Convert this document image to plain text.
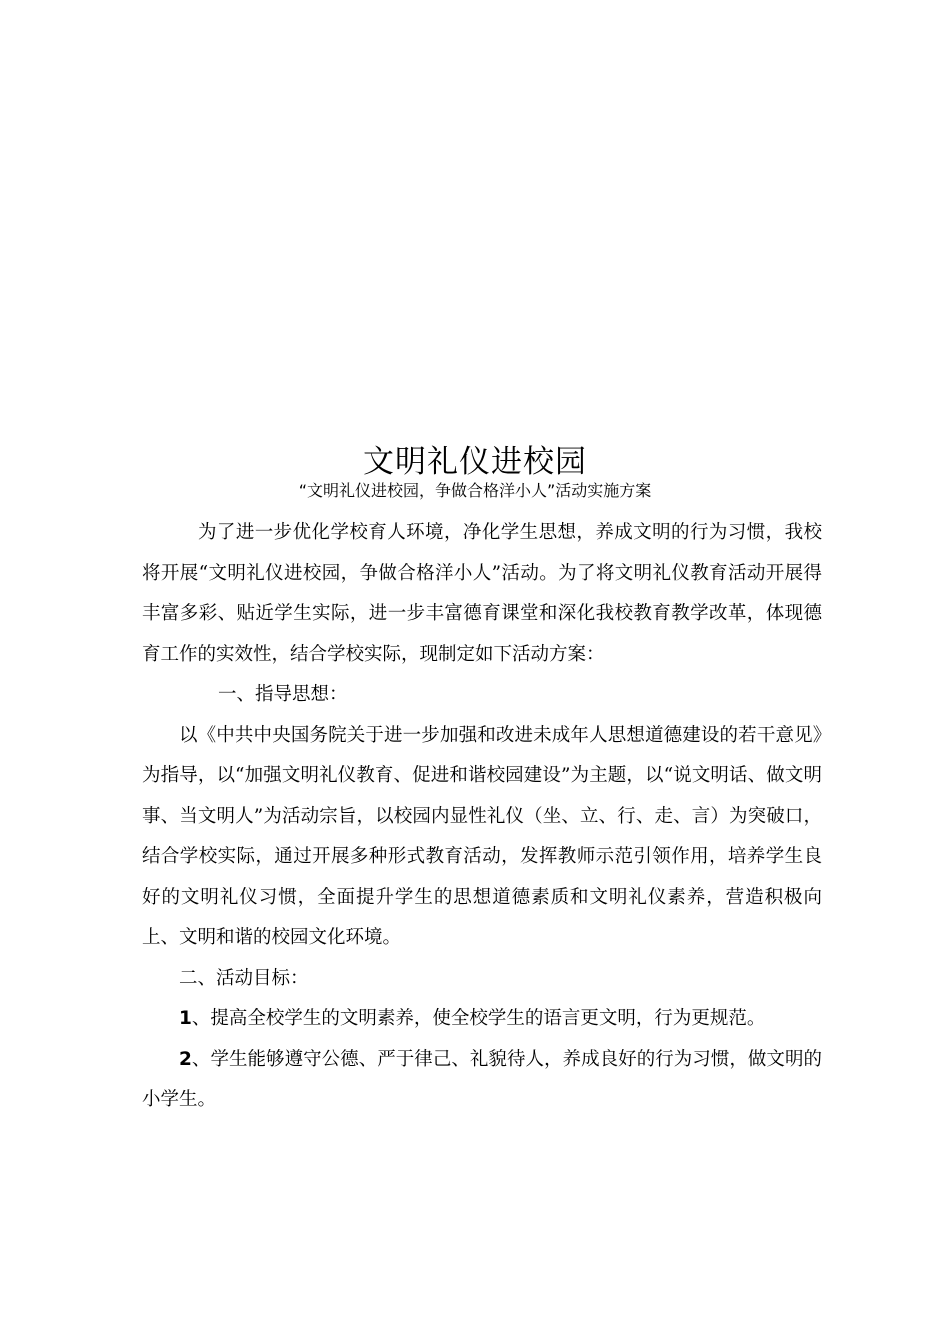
文明礼仪进校园
“文明礼仪进校园，争做合格洋小人”活动实施方案

为了进一步优化学校育人环境，净化学生思想，养成文明的行为习惯，我校将开展“文明礼仪进校园，争做合格洋小人”活动。为了将文明礼仪教育活动开展得丰富多彩、贴近学生实际，进一步丰富德育课堂和深化我校教育教学改革，体现德育工作的实效性，结合学校实际，现制定如下活动方案：

一、指导思想：

以《中共中央国务院关于进一步加强和改进未成年人思想道德建设的若干意见》为指导，以“加强文明礼仪教育、促进和谐校园建设”为主题，以“说文明话、做文明事、当文明人”为活动宗旨，以校园内显性礼仪（坐、立、行、走、言）为突破口，结合学校实际，通过开展多种形式教育活动，发挥教师示范引领作用，培养学生良好的文明礼仪习惯，全面提升学生的思想道德素质和文明礼仪素养，营造积极向上、文明和谐的校园文化环境。

二、活动目标：

1、提高全校学生的文明素养，使全校学生的语言更文明，行为更规范。

2、学生能够遵守公德、严于律己、礼貌待人，养成良好的行为习惯，做文明的小学生。
